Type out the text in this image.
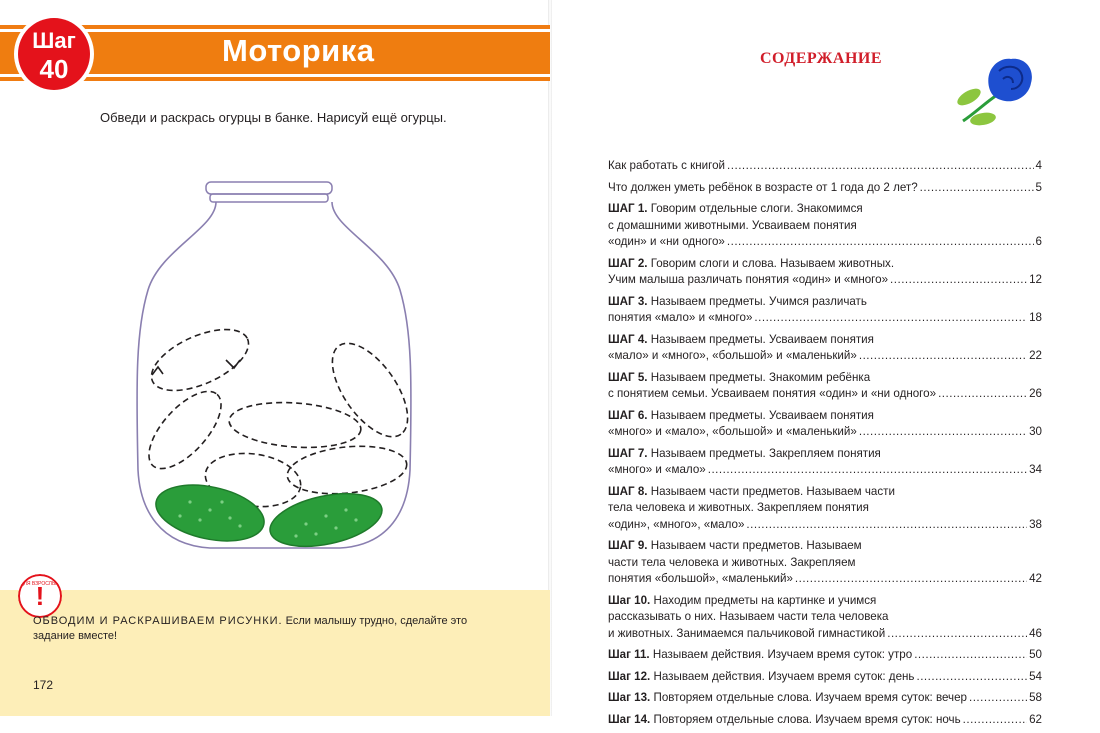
Моторика
Шаг
40
Обведи и раскрась огурцы в банке. Нарисуй ещё огурцы.
!
ДЛЯ ВЗРОСЛЫХ
ОБВОДИМ И РАСКРАШИВАЕМ РИСУНКИ. Если малышу трудно, сделайте это задание вместе!
172
СОДЕРЖАНИЕ
Как работать с книгой .....	4
Что должен уметь ребёнок в возрасте от 1 года до 2 лет? .....	5
ШАГ 1. Говорим отдельные слоги. Знакомимся
с домашними животными. Усваиваем понятия
«один» и «ни одного» .....	6
ШАГ 2. Говорим слоги и слова. Называем животных.
Учим малыша различать понятия «один» и «много» .....	12
ШАГ 3. Называем предметы. Учимся различать
понятия «мало» и «много» .....	18
ШАГ 4. Называем предметы. Усваиваем понятия
«мало» и «много», «большой» и «маленький» .....	22
ШАГ 5. Называем предметы. Знакомим ребёнка
с понятием семьи. Усваиваем понятия «один» и «ни одного» .....	26
ШАГ 6. Называем предметы. Усваиваем понятия
«много» и «мало», «большой» и «маленький» .....	30
ШАГ 7. Называем предметы. Закрепляем понятия
«много» и «мало» .....	34
ШАГ 8. Называем части предметов. Называем части
тела человека и животных. Закрепляем понятия
«один», «много», «мало» .....	38
ШАГ 9. Называем части предметов. Называем
части тела человека и животных. Закрепляем
понятия «большой», «маленький» .....	42
Шаг 10. Находим предметы на картинке и учимся
рассказывать о них. Называем части тела человека
и животных. Занимаемся пальчиковой гимнастикой .....	46
Шаг 11. Называем действия. Изучаем время суток: утро .....	50
Шаг 12. Называем действия. Изучаем время суток: день .....	54
Шаг 13. Повторяем отдельные слова. Изучаем время суток: вечер .....	58
Шаг 14. Повторяем отдельные слова. Изучаем время суток: ночь .....	62
